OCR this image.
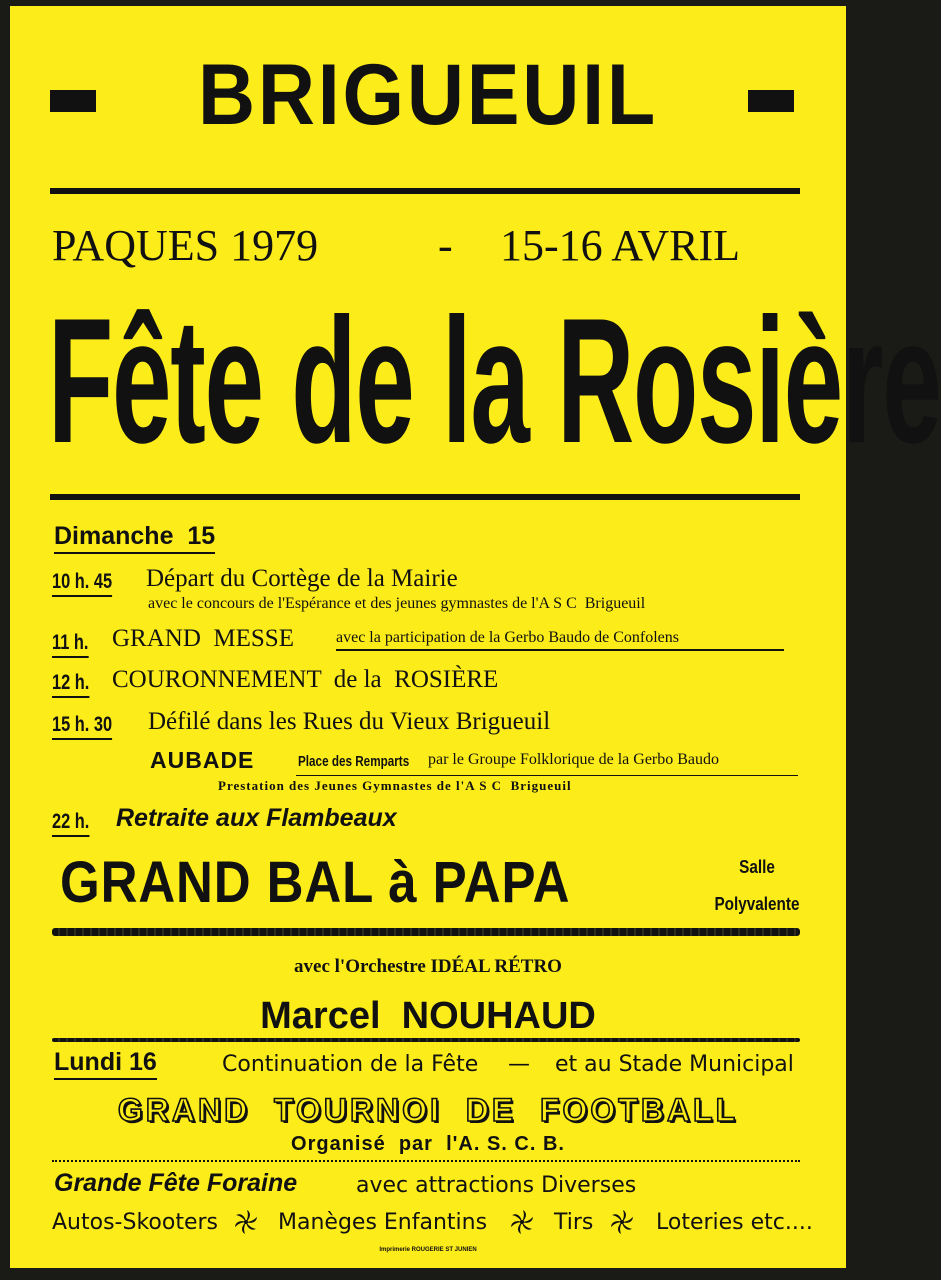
BRIGUEUIL
PAQUES 1979	- 15-16 AVRIL
Fête de la Rosière
Dimanche  15
10 h. 45 Départ du Cortège de la Mairie
avec le concours de l'Espérance et des jeunes gymnastes de l'A S C  Brigueuil
11 h. GRAND  MESSE	avec la participation de la Gerbo Baudo de Confolens
12 h. COURONNEMENT  de la  ROSIÈRE
15 h. 30 Défilé dans les Rues du Vieux Brigueuil
AUBADE	Place des Remparts par le Groupe Folklorique de la Gerbo Baudo
Prestation des Jeunes Gymnastes de l'A S C  Brigueuil
22 h. Retraite aux Flambeaux
GRAND BAL à PAPA	Salle
Polyvalente
avec l'Orchestre IDÉAL RÉTRO
Marcel  NOUHAUD
Lundi 16	Continuation de la Fête — et au Stade Municipal
GRAND  TOURNOI  DE  FOOTBALL
Organisé  par  l'A. S. C. B.
Grande Fête Foraine	avec attractions Diverses
Autos-Skooters	Manèges Enfantins	Tirs	Loteries etc....
Imprimerie ROUGERIE ST JUNIEN
